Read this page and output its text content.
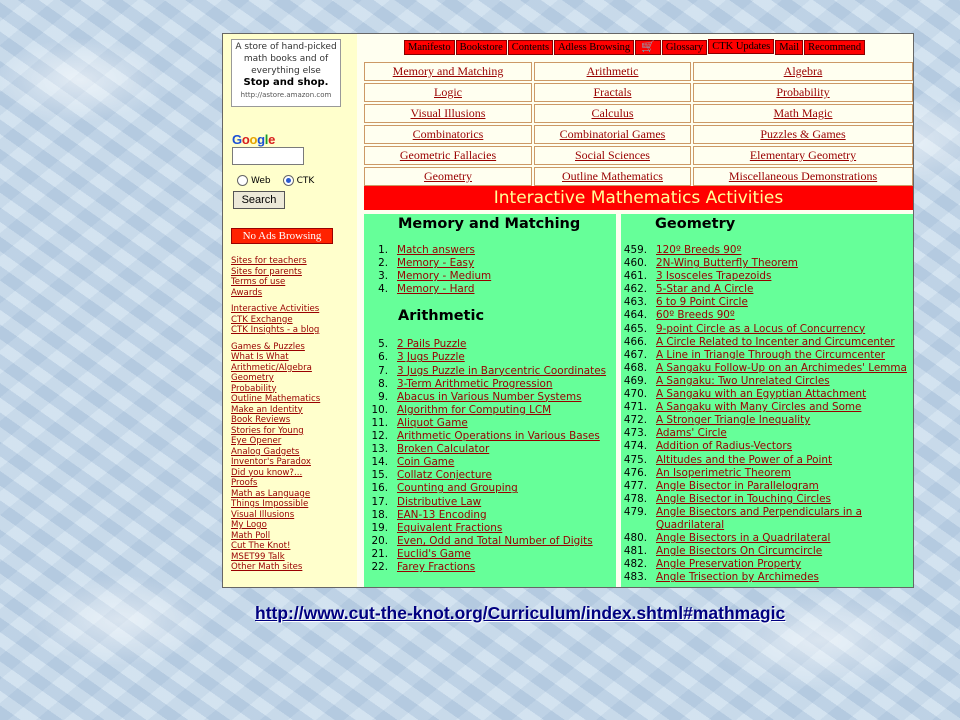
A store of hand-picked math books and of everything else
Stop and shop.
http://astore.amazon.com
Google
Web	CTK
Search
No Ads Browsing
Sites for teachers
Sites for parents
Terms of use
Awards
Interactive Activities
CTK Exchange
CTK Insights - a blog
Games & Puzzles
What Is What
Arithmetic/Algebra
Geometry
Probability
Outline Mathematics
Make an Identity
Book Reviews
Stories for Young
Eye Opener
Analog Gadgets
Inventor's Paradox
Did you know?...
Proofs
Math as Language
Things Impossible
Visual Illusions
My Logo
Math Poll
Cut The Knot!
MSET99 Talk
Other Math sites
Manifesto Bookstore Contents Adless Browsing	🛒	Glossary CTK Updates Mail Recommend
Memory and Matching	Arithmetic	Algebra
Logic	Fractals	Probability
Visual Illusions	Calculus	Math Magic
Combinatorics	Combinatorial Games	Puzzles & Games
Geometric Fallacies	Social Sciences	Elementary Geometry
Geometry	Outline Mathematics	Miscellaneous Demonstrations
Interactive Mathematics Activities
Memory and Matching
1. Match answers
2. Memory - Easy
3. Memory - Medium
4. Memory - Hard
Arithmetic
5. 2 Pails Puzzle
6. 3 Jugs Puzzle
7. 3 Jugs Puzzle in Barycentric Coordinates
8. 3-Term Arithmetic Progression
9. Abacus in Various Number Systems
10. Algorithm for Computing LCM
11. Aliquot Game
12. Arithmetic Operations in Various Bases
13. Broken Calculator
14. Coin Game
15. Collatz Conjecture
16. Counting and Grouping
17. Distributive Law
18. EAN-13 Encoding
19. Equivalent Fractions
20. Even, Odd and Total Number of Digits
21. Euclid's Game
22. Farey Fractions
Geometry
459. 120º Breeds 90º
460. 2N-Wing Butterfly Theorem
461. 3 Isosceles Trapezoids
462. 5-Star and A Circle
463. 6 to 9 Point Circle
464. 60º Breeds 90º
465. 9-point Circle as a Locus of Concurrency
466. A Circle Related to Incenter and Circumcenter
467. A Line in Triangle Through the Circumcenter
468. A Sangaku Follow-Up on an Archimedes' Lemma
469. A Sangaku: Two Unrelated Circles
470. A Sangaku with an Egyptian Attachment
471. A Sangaku with Many Circles and Some
472. A Stronger Triangle Inequality
473. Adams' Circle
474. Addition of Radius-Vectors
475. Altitudes and the Power of a Point
476. An Isoperimetric Theorem
477. Angle Bisector in Parallelogram
478. Angle Bisector in Touching Circles
479. Angle Bisectors and Perpendiculars in a
Quadrilateral
480. Angle Bisectors in a Quadrilateral
481. Angle Bisectors On Circumcircle
482. Angle Preservation Property
483. Angle Trisection by Archimedes
http://www.cut-the-knot.org/Curriculum/index.shtml#mathmagic
